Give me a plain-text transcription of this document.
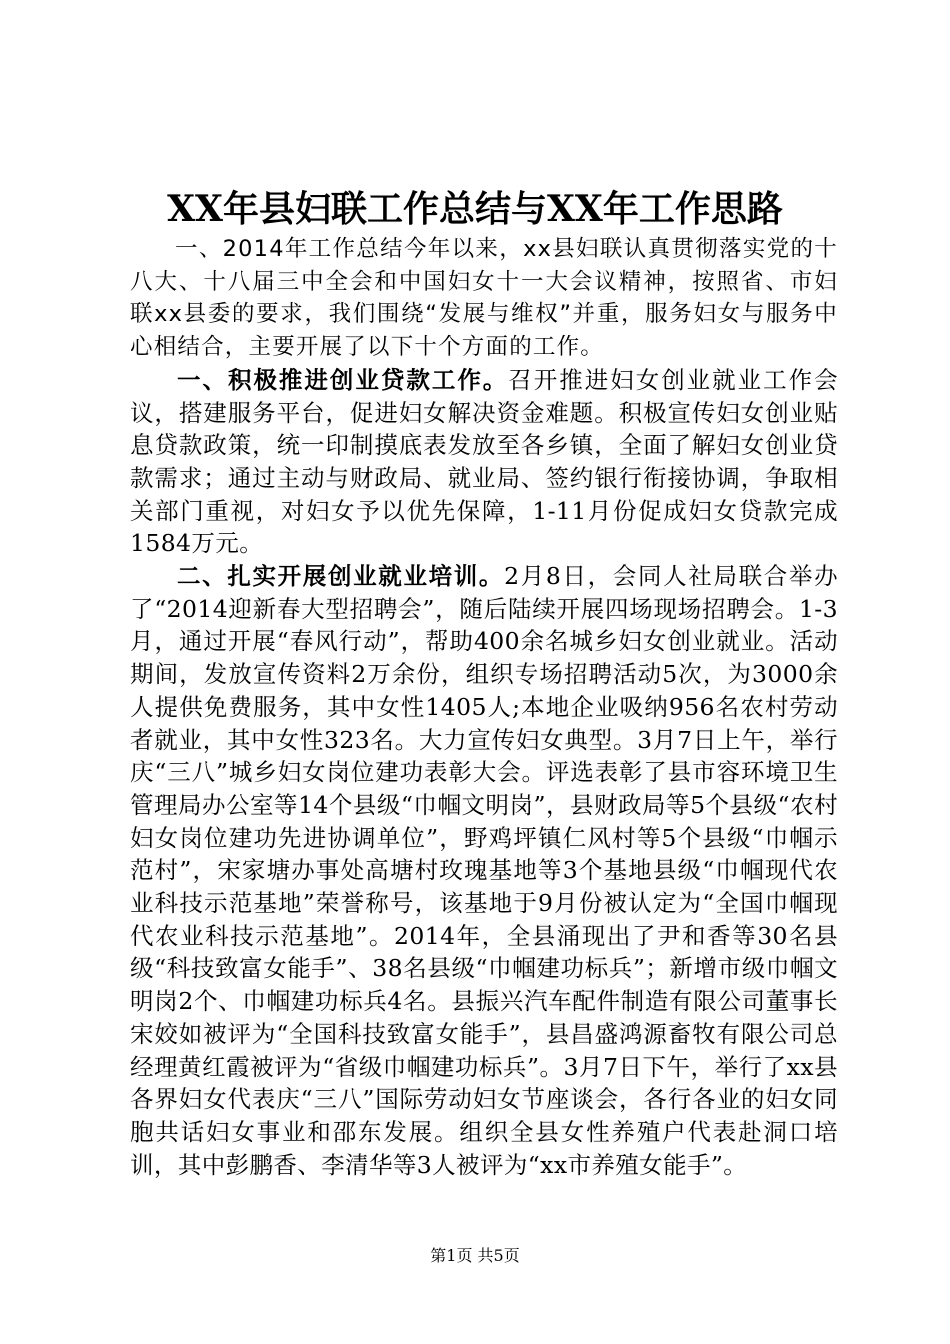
XX年县妇联工作总结与XX年工作思路

一、2014年工作总结今年以来，xx县妇联认真贯彻落实党的十八大、十八届三中全会和中国妇女十一大会议精神，按照省、市妇联xx县委的要求，我们围绕“发展与维权”并重，服务妇女与服务中心相结合，主要开展了以下十个方面的工作。

一、积极推进创业贷款工作。召开推进妇女创业就业工作会议，搭建服务平台，促进妇女解决资金难题。积极宣传妇女创业贴息贷款政策，统一印制摸底表发放至各乡镇，全面了解妇女创业贷款需求；通过主动与财政局、就业局、签约银行衔接协调，争取相关部门重视，对妇女予以优先保障，1-11月份促成妇女贷款完成1584万元。

二、扎实开展创业就业培训。2月8日，会同人社局联合举办了“2014迎新春大型招聘会”，随后陆续开展四场现场招聘会。1-3月，通过开展“春风行动”，帮助400余名城乡妇女创业就业。活动期间，发放宣传资料2万余份，组织专场招聘活动5次，为3000余人提供免费服务，其中女性1405人;本地企业吸纳956名农村劳动者就业，其中女性323名。大力宣传妇女典型。3月7日上午，举行庆“三八”城乡妇女岗位建功表彰大会。评选表彰了县市容环境卫生管理局办公室等14个县级“巾帼文明岗”，县财政局等5个县级“农村妇女岗位建功先进协调单位”，野鸡坪镇仁风村等5个县级“巾帼示范村”，宋家塘办事处高塘村玫瑰基地等3个基地县级“巾帼现代农业科技示范基地”荣誉称号，该基地于9月份被认定为“全国巾帼现代农业科技示范基地”。2014年，全县涌现出了尹和香等30名县级“科技致富女能手”、38名县级“巾帼建功标兵”；新增市级巾帼文明岗2个、巾帼建功标兵4名。县振兴汽车配件制造有限公司董事长宋姣如被评为“全国科技致富女能手”，县昌盛鸿源畜牧有限公司总经理黄红霞被评为“省级巾帼建功标兵”。3月7日下午，举行了xx县各界妇女代表庆“三八”国际劳动妇女节座谈会，各行各业的妇女同胞共话妇女事业和邵东发展。组织全县女性养殖户代表赴洞口培训，其中彭鹏香、李清华等3人被评为“xx市养殖女能手”。

第1页 共5页
